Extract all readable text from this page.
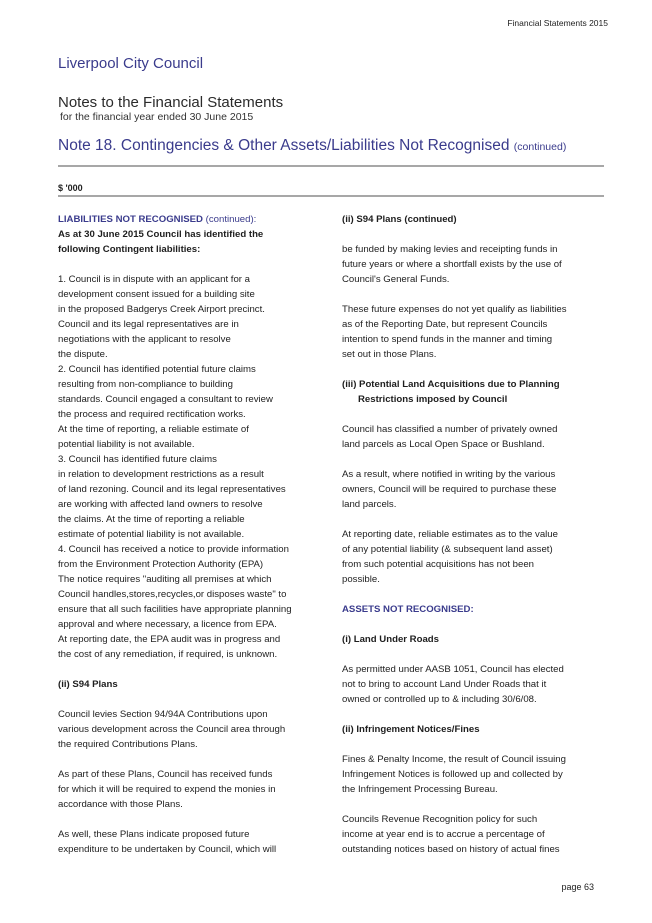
Financial Statements 2015
Liverpool City Council
Notes to the Financial Statements
for the financial year ended 30 June 2015
Note 18. Contingencies & Other Assets/Liabilities Not Recognised (continued)
$ '000

LIABILITIES NOT RECOGNISED (continued):

As at 30 June 2015 Council has identified the
following Contingent liabilities:
1. Council is in dispute with an applicant for a
development consent issued for a building site
in the proposed Badgerys Creek Airport precinct.
Council and its legal representatives are in
negotiations with the applicant to resolve
the dispute.
2. Council has identified potential future claims
resulting from non-compliance to building
standards. Council engaged a consultant to review
the process and required rectification works.
At the time of reporting, a reliable estimate of
potential liability is not available.
3. Council has identified future claims
in relation to development restrictions as a result
of land rezoning. Council and its legal representatives
are working with affected land owners to resolve
the claims. At the time of reporting a reliable
estimate of potential liability is not available.
4. Council has received a notice to provide information
from the Environment Protection Authority (EPA)
The notice requires "auditing all premises at which
Council handles,stores,recycles,or disposes waste" to
ensure that all such facilities have appropriate planning
approval and where necessary, a licence from EPA.
At reporting date, the EPA audit was in progress and
the cost of any remediation, if required, is unknown.

(ii) S94 Plans

Council levies Section 94/94A Contributions upon
various development across the Council area through
the required Contributions Plans.
As part of these Plans, Council has received funds
for which it will be required to expend the monies in
accordance with those Plans.
As well, these Plans indicate proposed future
expenditure to be undertaken by Council, which will

(ii) S94 Plans (continued)

be funded by making levies and receipting funds in
future years or where a shortfall exists by the use of
Council's General Funds.
These future expenses do not yet qualify as liabilities
as of the Reporting Date, but represent Councils
intention to spend funds in the manner and timing
set out in those Plans.

(iii) Potential Land Acquisitions due to Planning

Restrictions imposed by Council

Council has classified a number of privately owned
land parcels as Local Open Space or Bushland.
As a result, where notified in writing by the various
owners, Council will be required to purchase these
land parcels.
At reporting date, reliable estimates as to the value
of any potential liability (& subsequent land asset)
from such potential acquisitions has not been
possible.

ASSETS NOT RECOGNISED:

(i) Land Under Roads

As permitted under AASB 1051, Council has elected
not to bring to account Land Under Roads that it
owned or controlled up to & including 30/6/08.

(ii) Infringement Notices/Fines

Fines & Penalty Income, the result of Council issuing
Infringement Notices is followed up and collected by
the Infringement Processing Bureau.
Councils Revenue Recognition policy for such
income at year end is to accrue a percentage of
outstanding notices based on history of actual fines
page 63
